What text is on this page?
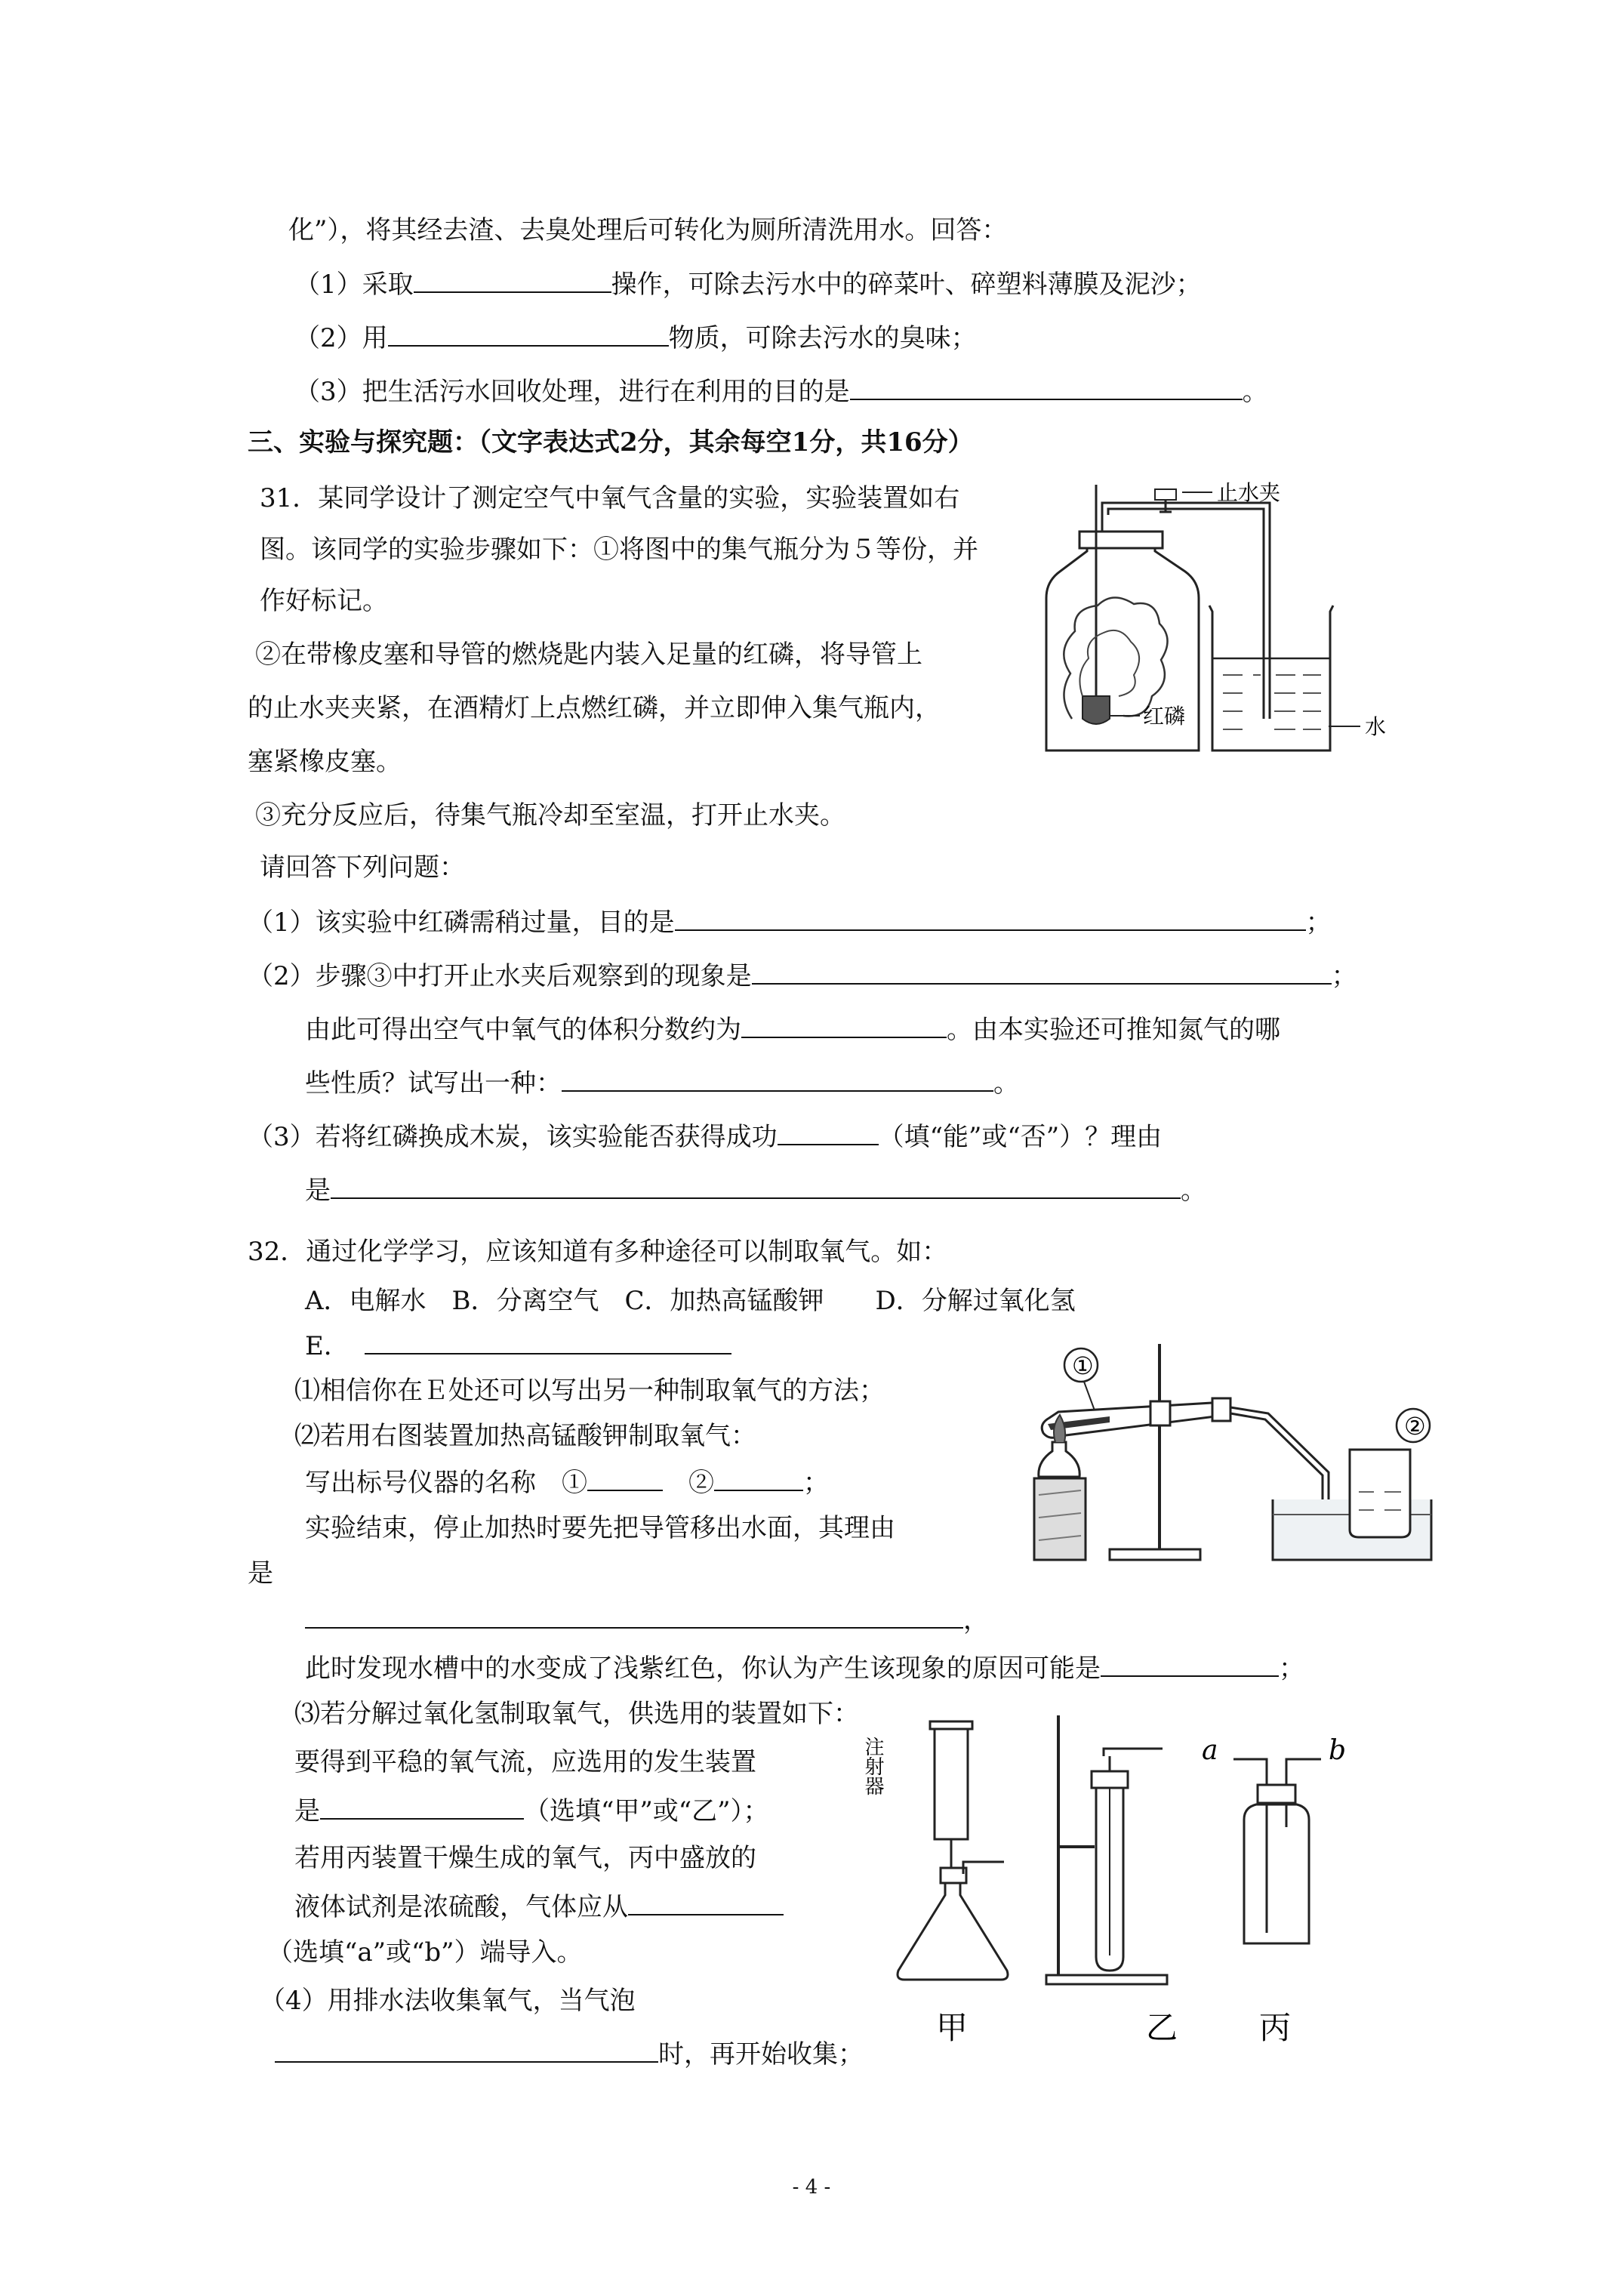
化”），将其经去渣、去臭处理后可转化为厕所清洗用水。回答：
（1）采取	操作，可除去污水中的碎菜叶、碎塑料薄膜及泥沙；
（2）用	物质，可除去污水的臭味；
（3）把生活污水回收处理，进行在利用的目的是	。
三、实验与探究题：（文字表达式2分，其余每空1分，共16分）
31．某同学设计了测定空气中氧气含量的实验，实验装置如右
图。该同学的实验步骤如下：①将图中的集气瓶分为５等份，并
作好标记。
②在带橡皮塞和导管的燃烧匙内装入足量的红磷，将导管上
的止水夹夹紧，在酒精灯上点燃红磷，并立即伸入集气瓶内，
塞紧橡皮塞。
③充分反应后，待集气瓶冷却至室温，打开止水夹。
请回答下列问题：
（1）该实验中红磷需稍过量，目的是	；
（2）步骤③中打开止水夹后观察到的现象是	；
由此可得出空气中氧气的体积分数约为	。由本实验还可推知氮气的哪
些性质？试写出一种：	。
（3）若将红磷换成木炭，该实验能否获得成功	（填“能”或“否”）？理由
是	。
止水夹
红磷	水
32．通过化学学习，应该知道有多种途径可以制取氧气。如：
A．电解水　B．分离空气　C．加热高锰酸钾　　D．分解过氧化氢
E．
⑴相信你在Ｅ处还可以写出另一种制取氧气的方法；
⑵若用右图装置加热高锰酸钾制取氧气：
写出标号仪器的名称　①	　②	；
实验结束，停止加热时要先把导管移出水面，其理由
是
，
此时发现水槽中的水变成了浅紫红色，你认为产生该现象的原因可能是	；
⑶若分解过氧化氢制取氧气，供选用的装置如下：
要得到平稳的氧气流，应选用的发生装置
是	（选填“甲”或“乙”）；
若用丙装置干燥生成的氧气，丙中盛放的
液体试剂是浓硫酸，气体应从
（选填“a”或“b”）端导入。
（4）用排水法收集氧气，当气泡
时，再开始收集；
①
②
注射器
甲	乙
a	b
丙
- 4 -
